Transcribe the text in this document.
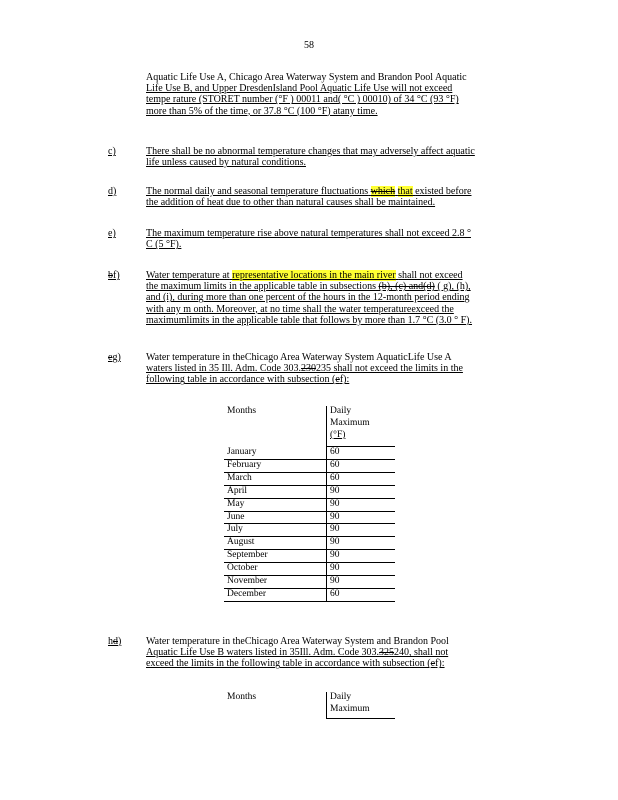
58
Aquatic Life Use A, Chicago Area Waterway System and Brandon Pool Aquatic
Life Use B, and Upper DresdenIsland Pool Aquatic Life Use will not exceed
tempe rature (STORET number (°F ) 00011 and( °C ) 00010) of 34 °C (93 °F)
more than 5% of the time, or 37.8 °C (100 °F) atany time.
c)	There shall be no abnormal temperature changes that may adversely affect aquatic
life unless caused by natural conditions.
d)	The normal daily and seasonal temperature fluctuations which that existed before
the addition of heat due to other than natural causes shall be maintained.
e)	The maximum temperature rise above natural temperatures shall not exceed 2.8 °
C (5 °F).
bf)	Water temperature at representative locations in the main river shall not exceed
the maximum limits in the applicable table in subsections (b), (c) and(d) ( g), (h),
and (i), during more than one percent of the hours in the 12-month period ending
with any m onth. Moreover, at no time shall the water temperatureexceed the
maximumlimits in the applicable table that follows by more than 1.7 °C (3.0 ° F).
eg)	Water temperature in theChicago Area Waterway System AquaticLife Use A
waters listed in 35 Ill. Adm. Code 303.230235 shall not exceed the limits in the
following table in accordance with subsection (ef):
Months	Daily
Maximum
(°F)

January	60
February	60
March	60
April	90
May	90
June	90
July	90
August	90
September	90
October	90
November	90
December	60
hd) Water temperature in theChicago Area Waterway System and Brandon Pool
Aquatic Life Use B waters listed in 35Ill. Adm. Code 303.325240, shall not
exceed the limits in the following table in accordance with subsection (ef):
Months	Daily
Maximum
